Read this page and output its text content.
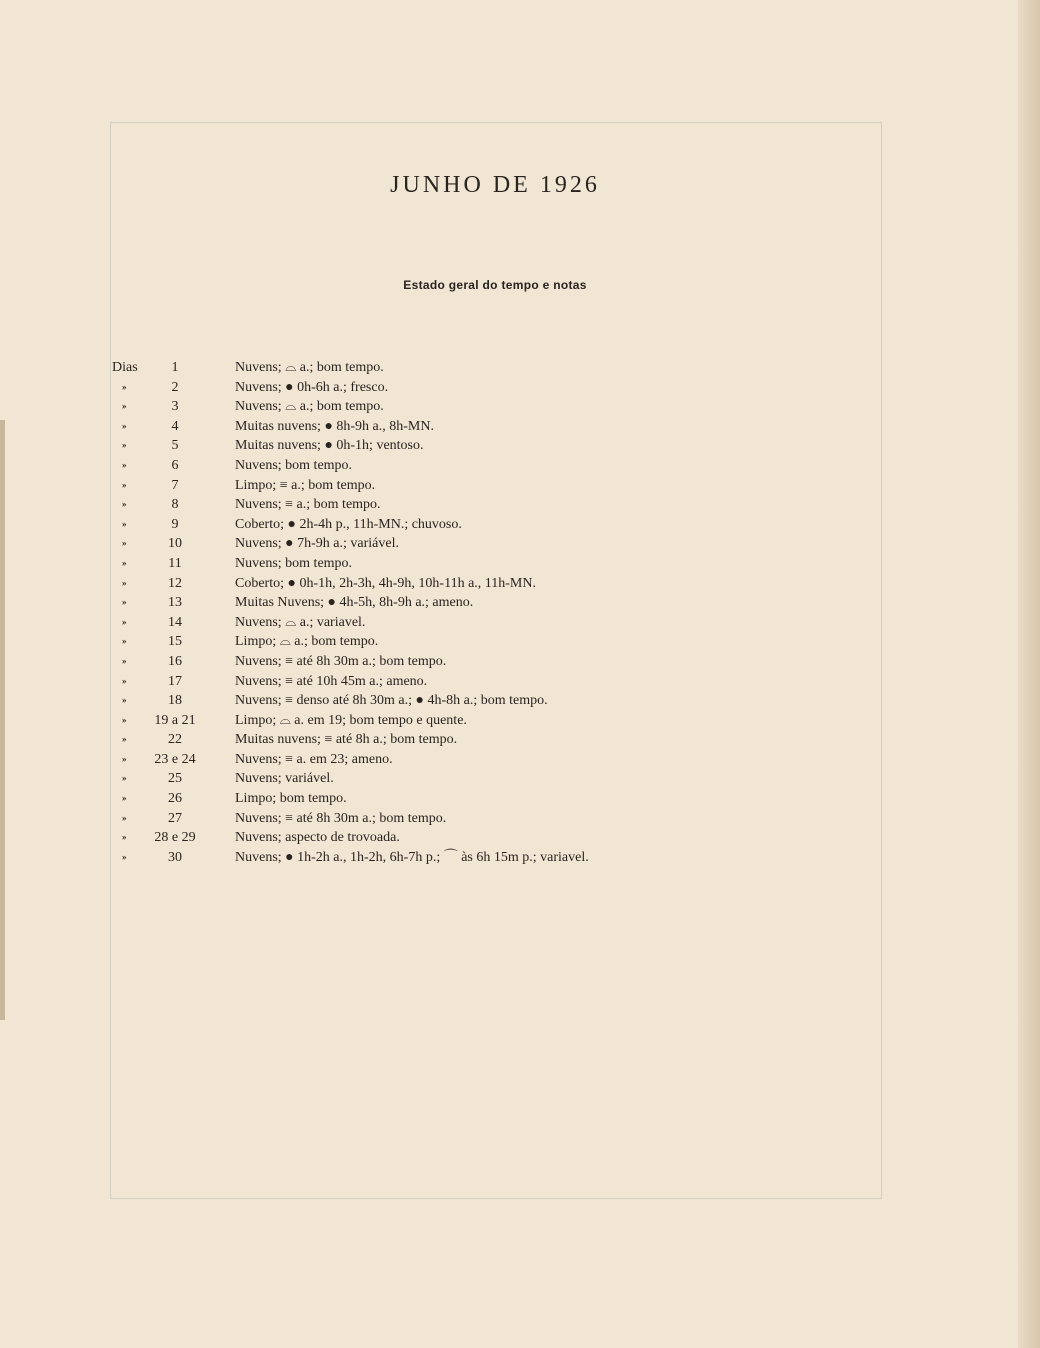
JUNHO DE 1926
Estado geral do tempo e notas
Dias	1	Nuvens; ⌓ a.; bom tempo.
»	2	Nuvens; ● 0h-6h a.; fresco.
»	3	Nuvens; ⌓ a.; bom tempo.
»	4	Muitas nuvens; ● 8h-9h a., 8h-MN.
»	5	Muitas nuvens; ● 0h-1h; ventoso.
»	6	Nuvens; bom tempo.
»	7	Limpo; ≡ a.; bom tempo.
»	8	Nuvens; ≡ a.; bom tempo.
»	9	Coberto; ● 2h-4h p., 11h-MN.; chuvoso.
»	10	Nuvens; ● 7h-9h a.; variável.
»	11	Nuvens; bom tempo.
»	12	Coberto; ● 0h-1h, 2h-3h, 4h-9h, 10h-11h a., 11h-MN.
»	13	Muitas Nuvens; ● 4h-5h, 8h-9h a.; ameno.
»	14	Nuvens; ⌓ a.; variavel.
»	15	Limpo; ⌓ a.; bom tempo.
»	16	Nuvens; ≡ até 8h 30m a.; bom tempo.
»	17	Nuvens; ≡ até 10h 45m a.; ameno.
»	18	Nuvens; ≡ denso até 8h 30m a.; ● 4h-8h a.; bom tempo.
»	19 a 21	Limpo; ⌓ a. em 19; bom tempo e quente.
»	22	Muitas nuvens; ≡ até 8h a.; bom tempo.
»	23 e 24	Nuvens; ≡ a. em 23; ameno.
»	25	Nuvens; variável.
»	26	Limpo; bom tempo.
»	27	Nuvens; ≡ até 8h 30m a.; bom tempo.
»	28 e 29	Nuvens; aspecto de trovoada.
»	30	Nuvens; ● 1h-2h a., 1h-2h, 6h-7h p.; ⌒ às 6h 15m p.; variavel.
